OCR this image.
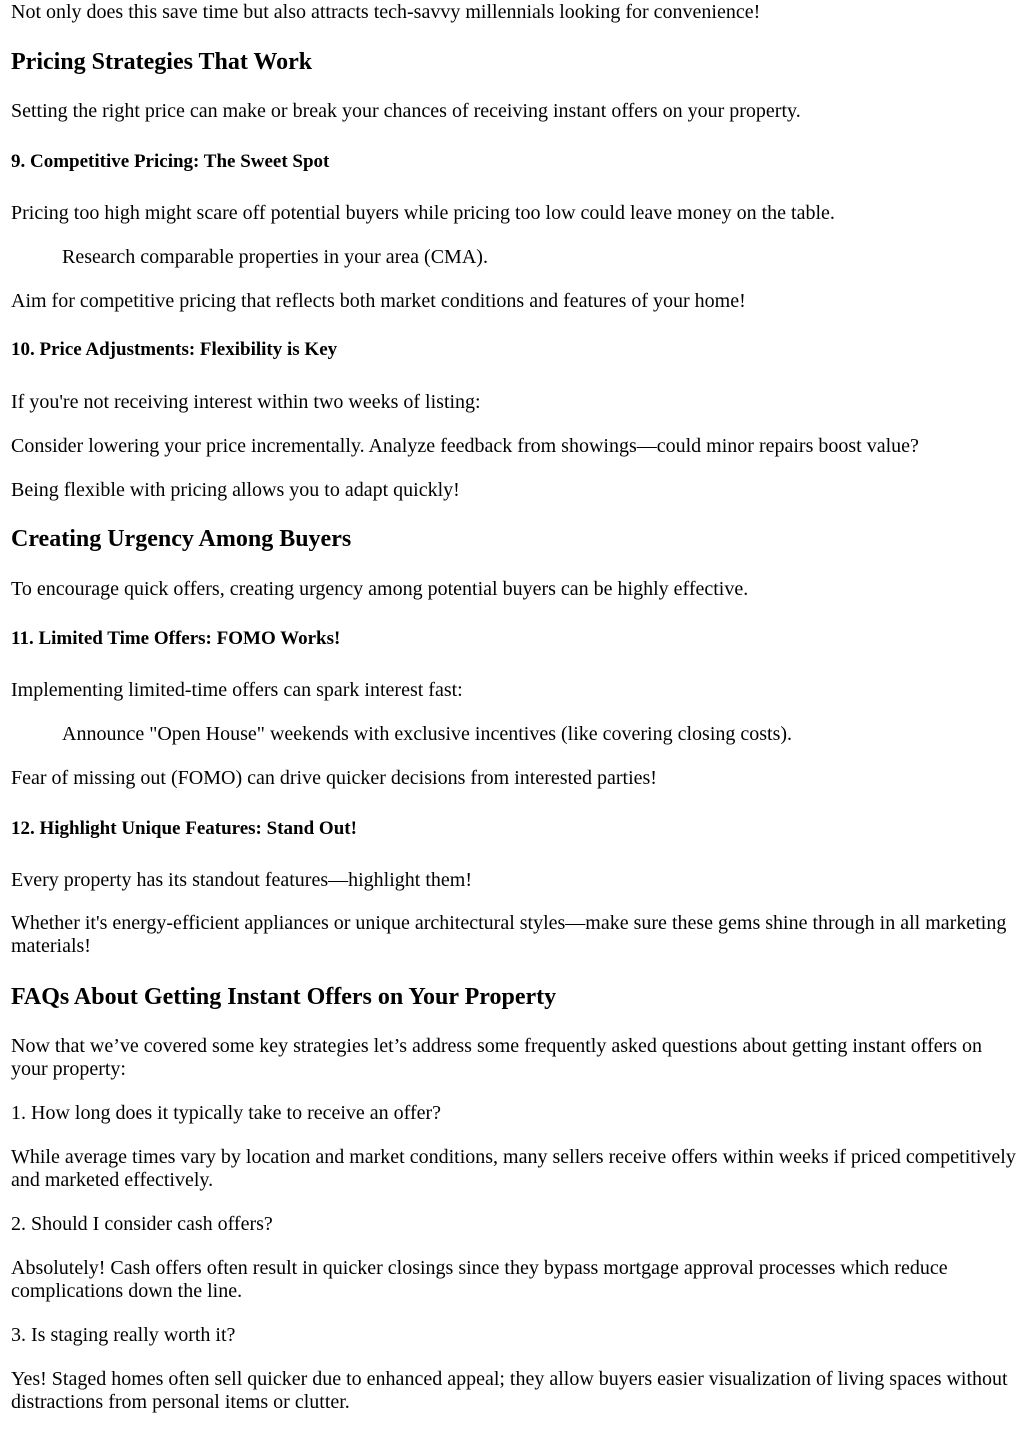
Not only does this save time but also attracts tech-savvy millennials looking for convenience!

Pricing Strategies That Work

Setting the right price can make or break your chances of receiving instant offers on your property.

9. Competitive Pricing: The Sweet Spot

Pricing too high might scare off potential buyers while pricing too low could leave money on the table.

Research comparable properties in your area (CMA).

Aim for competitive pricing that reflects both market conditions and features of your home!

10. Price Adjustments: Flexibility is Key

If you're not receiving interest within two weeks of listing:

Consider lowering your price incrementally. Analyze feedback from showings—could minor repairs boost value?

Being flexible with pricing allows you to adapt quickly!

Creating Urgency Among Buyers

To encourage quick offers, creating urgency among potential buyers can be highly effective.

11. Limited Time Offers: FOMO Works!

Implementing limited-time offers can spark interest fast:

Announce "Open House" weekends with exclusive incentives (like covering closing costs).

Fear of missing out (FOMO) can drive quicker decisions from interested parties!

12. Highlight Unique Features: Stand Out!

Every property has its standout features—highlight them!

Whether it's energy-efficient appliances or unique architectural styles—make sure these gems shine through in all marketing materials!

FAQs About Getting Instant Offers on Your Property

Now that we’ve covered some key strategies let’s address some frequently asked questions about getting instant offers on your property:

1. How long does it typically take to receive an offer?

While average times vary by location and market conditions, many sellers receive offers within weeks if priced competitively and marketed effectively.

2. Should I consider cash offers?

Absolutely! Cash offers often result in quicker closings since they bypass mortgage approval processes which reduce complications down the line.

3. Is staging really worth it?

Yes! Staged homes often sell quicker due to enhanced appeal; they allow buyers easier visualization of living spaces without distractions from personal items or clutter.
